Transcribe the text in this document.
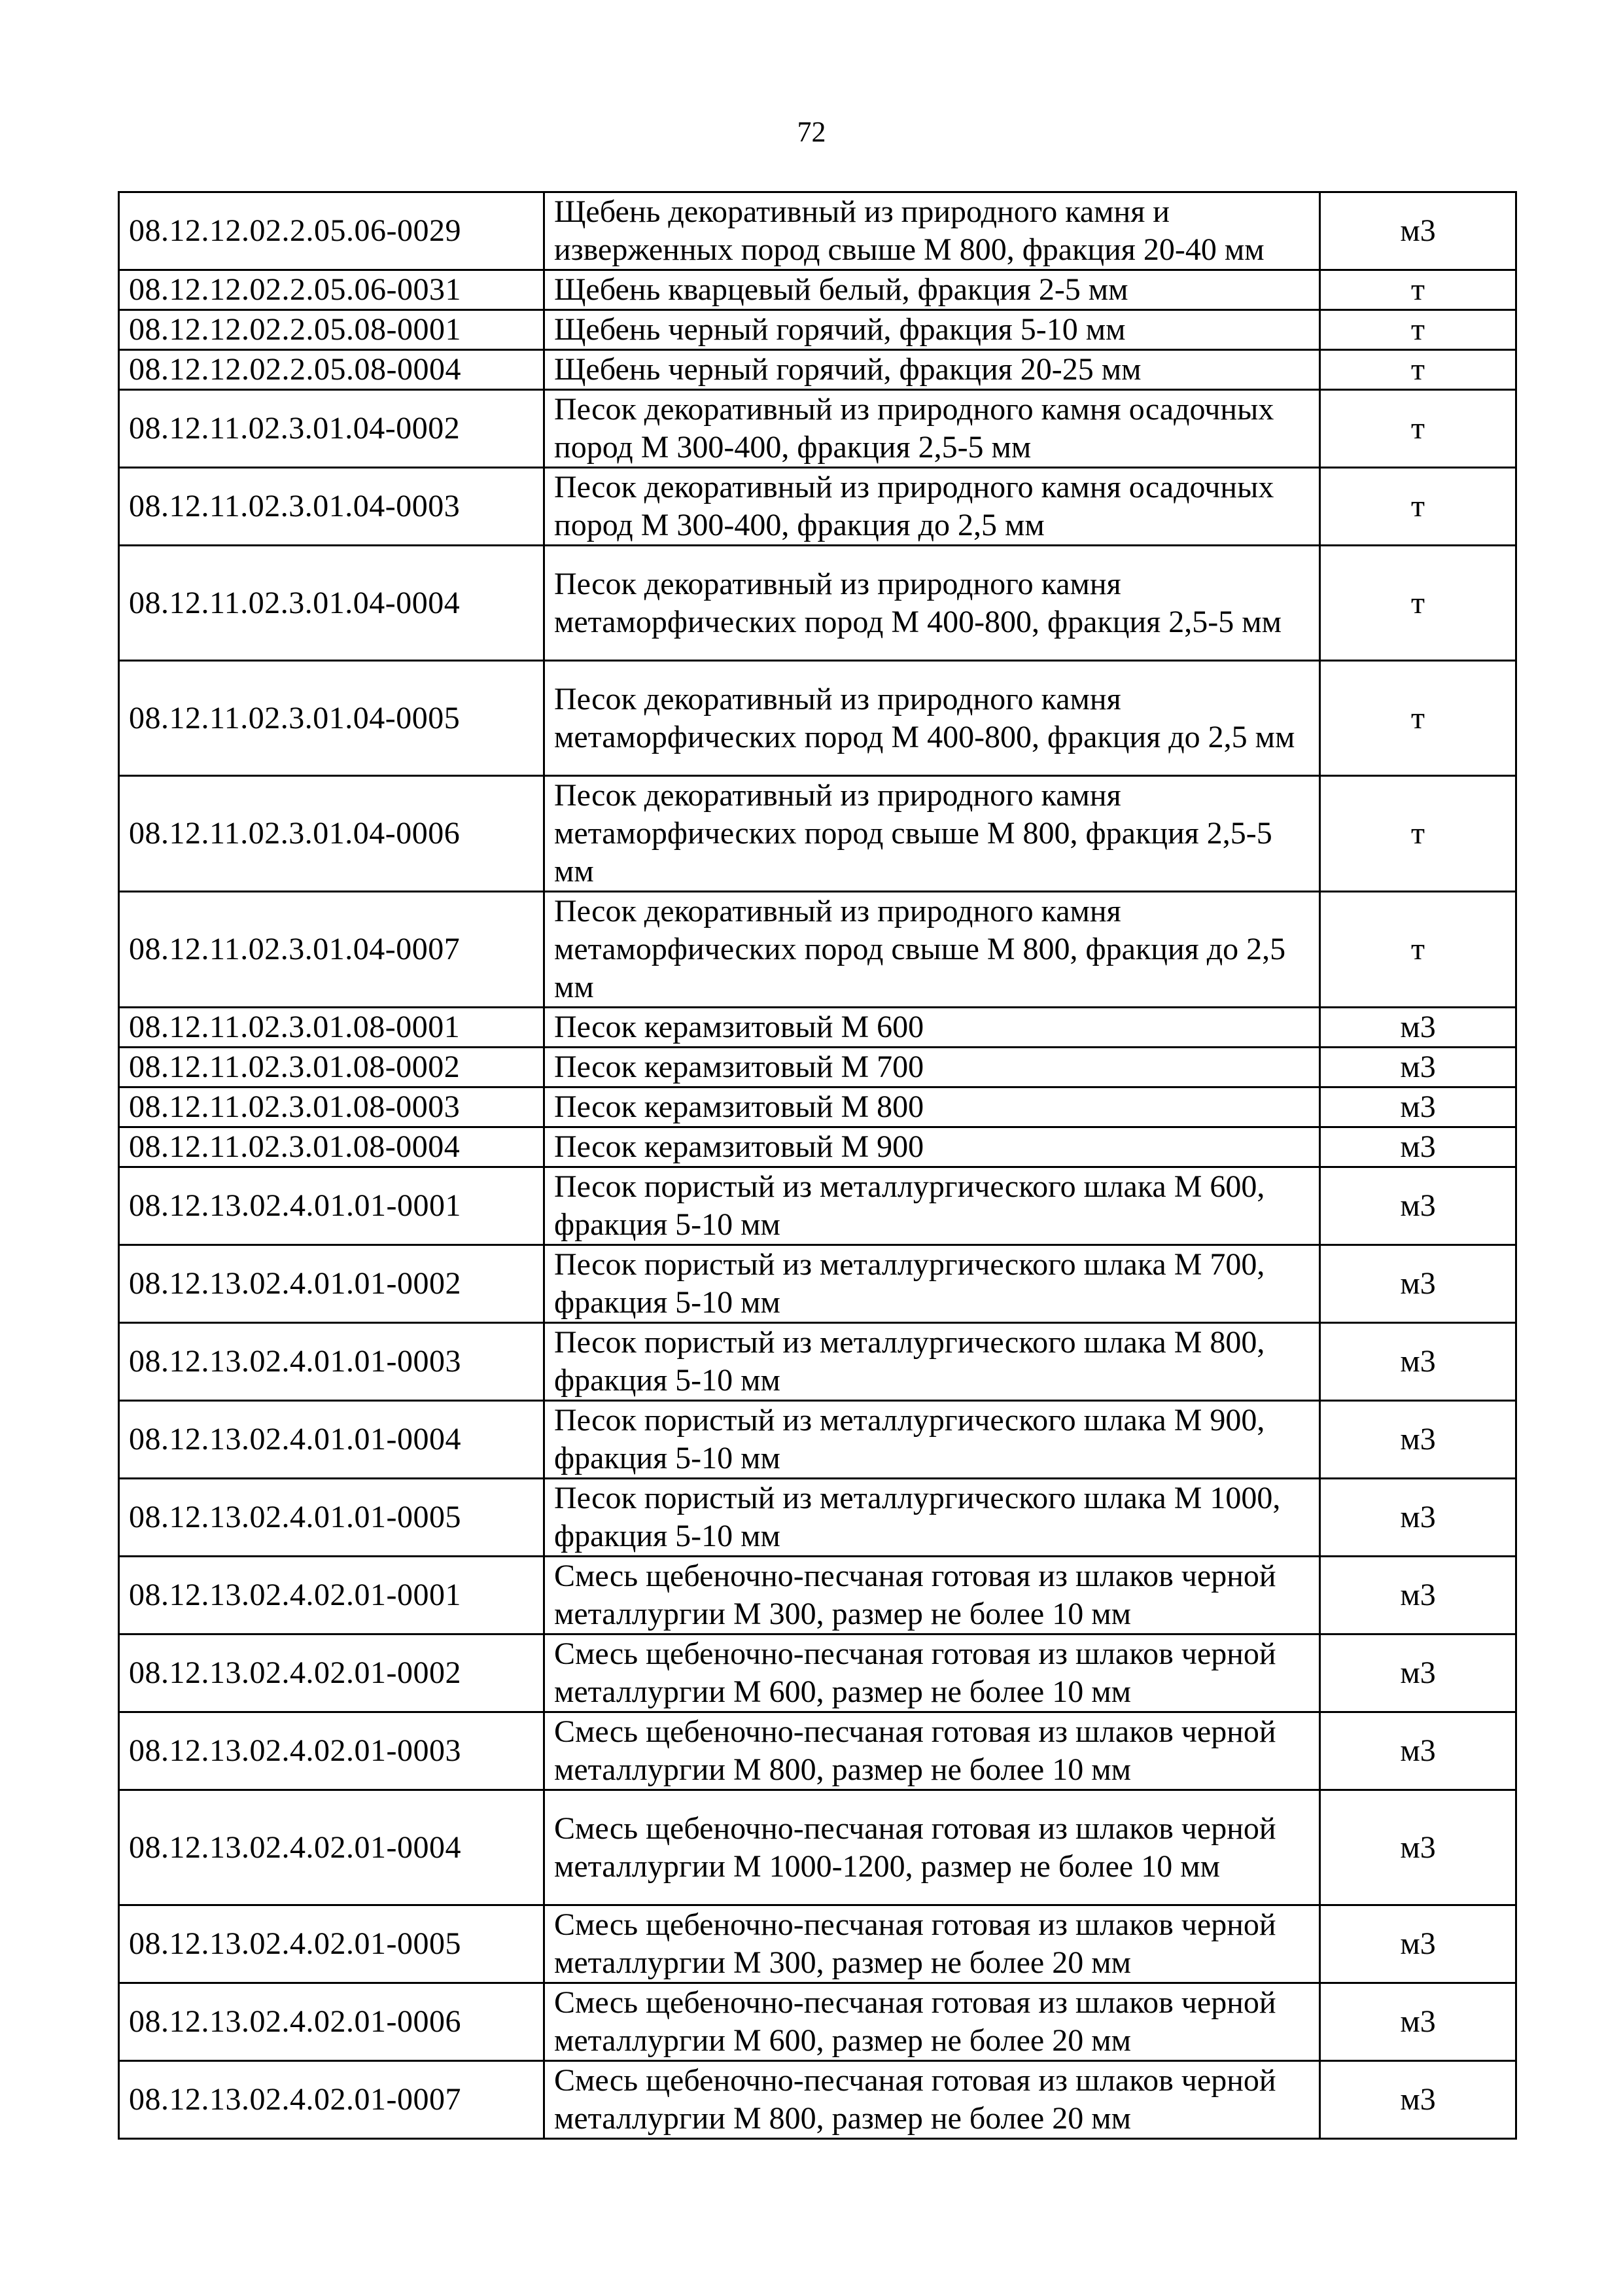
72
08.12.12.02.2.05.06-0029	Щебень декоративный из природного камня и изверженных пород свыше М 800, фракция 20-40 мм	м3
08.12.12.02.2.05.06-0031	Щебень кварцевый белый, фракция 2-5 мм	т
08.12.12.02.2.05.08-0001	Щебень черный горячий, фракция 5-10 мм	т
08.12.12.02.2.05.08-0004	Щебень черный горячий, фракция 20-25 мм	т
08.12.11.02.3.01.04-0002	Песок декоративный из природного камня осадочных пород М 300-400, фракция 2,5-5 мм	т
08.12.11.02.3.01.04-0003	Песок декоративный из природного камня осадочных пород М 300-400, фракция до 2,5 мм	т
08.12.11.02.3.01.04-0004	Песок декоративный из природного камня метаморфических пород М 400-800, фракция 2,5-5 мм	т
08.12.11.02.3.01.04-0005	Песок декоративный из природного камня метаморфических пород М 400-800, фракция до 2,5 мм	т
08.12.11.02.3.01.04-0006	Песок декоративный из природного камня метаморфических пород свыше М 800, фракция 2,5-5 мм	т
08.12.11.02.3.01.04-0007	Песок декоративный из природного камня метаморфических пород свыше М 800, фракция до 2,5 мм	т
08.12.11.02.3.01.08-0001	Песок керамзитовый М 600	м3
08.12.11.02.3.01.08-0002	Песок керамзитовый М 700	м3
08.12.11.02.3.01.08-0003	Песок керамзитовый М 800	м3
08.12.11.02.3.01.08-0004	Песок керамзитовый М 900	м3
08.12.13.02.4.01.01-0001	Песок пористый из металлургического шлака М 600, фракция 5-10 мм	м3
08.12.13.02.4.01.01-0002	Песок пористый из металлургического шлака М 700, фракция 5-10 мм	м3
08.12.13.02.4.01.01-0003	Песок пористый из металлургического шлака М 800, фракция 5-10 мм	м3
08.12.13.02.4.01.01-0004	Песок пористый из металлургического шлака М 900, фракция 5-10 мм	м3
08.12.13.02.4.01.01-0005	Песок пористый из металлургического шлака М 1000, фракция 5-10 мм	м3
08.12.13.02.4.02.01-0001	Смесь щебеночно-песчаная готовая из шлаков черной металлургии М 300, размер не более 10 мм	м3
08.12.13.02.4.02.01-0002	Смесь щебеночно-песчаная готовая из шлаков черной металлургии М 600, размер не более 10 мм	м3
08.12.13.02.4.02.01-0003	Смесь щебеночно-песчаная готовая из шлаков черной металлургии М 800, размер не более 10 мм	м3
08.12.13.02.4.02.01-0004	Смесь щебеночно-песчаная готовая из шлаков черной металлургии М 1000-1200, размер не более 10 мм	м3
08.12.13.02.4.02.01-0005	Смесь щебеночно-песчаная готовая из шлаков черной металлургии М 300, размер не более 20 мм	м3
08.12.13.02.4.02.01-0006	Смесь щебеночно-песчаная готовая из шлаков черной металлургии М 600, размер не более 20 мм	м3
08.12.13.02.4.02.01-0007	Смесь щебеночно-песчаная готовая из шлаков черной металлургии М 800, размер не более 20 мм	м3
